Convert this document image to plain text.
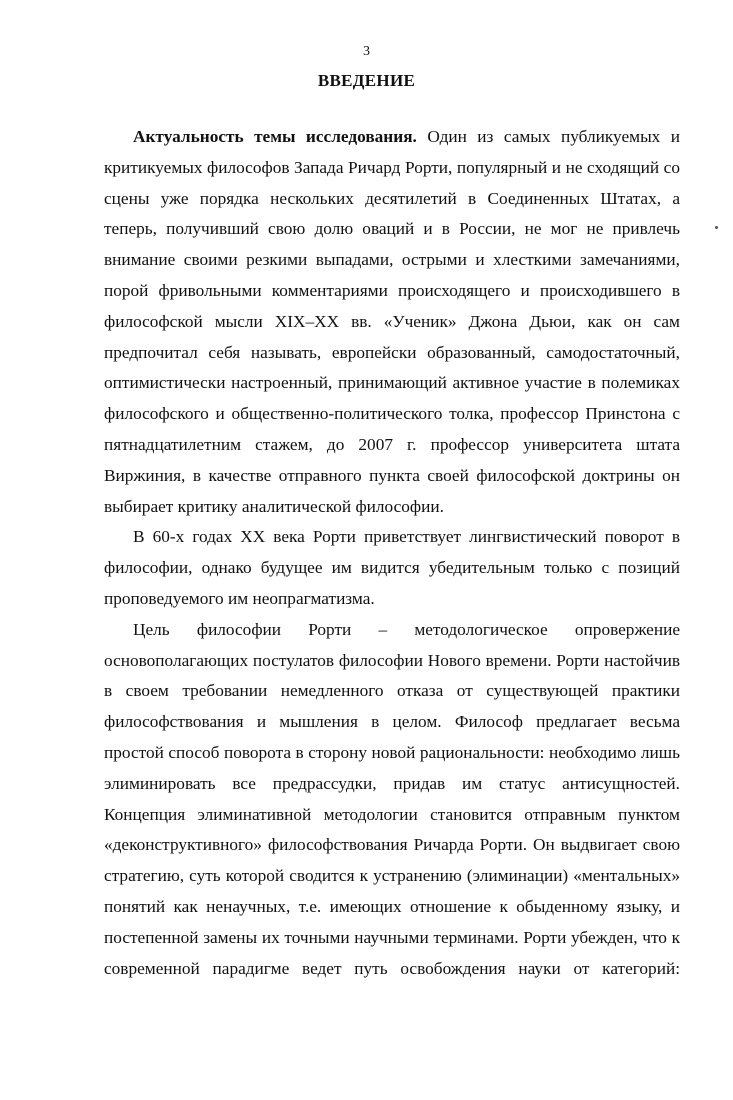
3
ВВЕДЕНИЕ

Актуальность темы исследования. Один из самых публикуемых и критикуемых философов Запада Ричард Рорти, популярный и не сходящий со сцены уже порядка нескольких десятилетий в Соединенных Штатах, а теперь, получивший свою долю оваций и в России, не мог не привлечь внимание своими резкими выпадами, острыми и хлесткими замечаниями, порой фривольными комментариями происходящего и происходившего в философской мысли XIX–XX вв. «Ученик» Джона Дьюи, как он сам предпочитал себя называть, европейски образованный, самодостаточный, оптимистически настроенный, принимающий активное участие в полемиках философского и общественно-политического толка, профессор Принстона с пятнадцатилетним стажем, до 2007 г. профессор университета штата Виржиния, в качестве отправного пункта своей философской доктрины он выбирает критику аналитической философии.

В 60-х годах XX века Рорти приветствует лингвистический поворот в философии, однако будущее им видится убедительным только с позиций проповедуемого им неопрагматизма.

Цель философии Рорти – методологическое опровержение основополагающих постулатов философии Нового времени. Рорти настойчив в своем требовании немедленного отказа от существующей практики философствования и мышления в целом. Философ предлагает весьма простой способ поворота в сторону новой рациональности: необходимо лишь элиминировать все предрассудки, придав им статус антисущностей. Концепция элиминативной методологии становится отправным пунктом «деконструктивного» философствования Ричарда Рорти. Он выдвигает свою стратегию, суть которой сводится к устранению (элиминации) «ментальных» понятий как ненаучных, т.е. имеющих отношение к обыденному языку, и постепенной замены их точными научными терминами. Рорти убежден, что к современной парадигме ведет путь освобождения науки от категорий:
